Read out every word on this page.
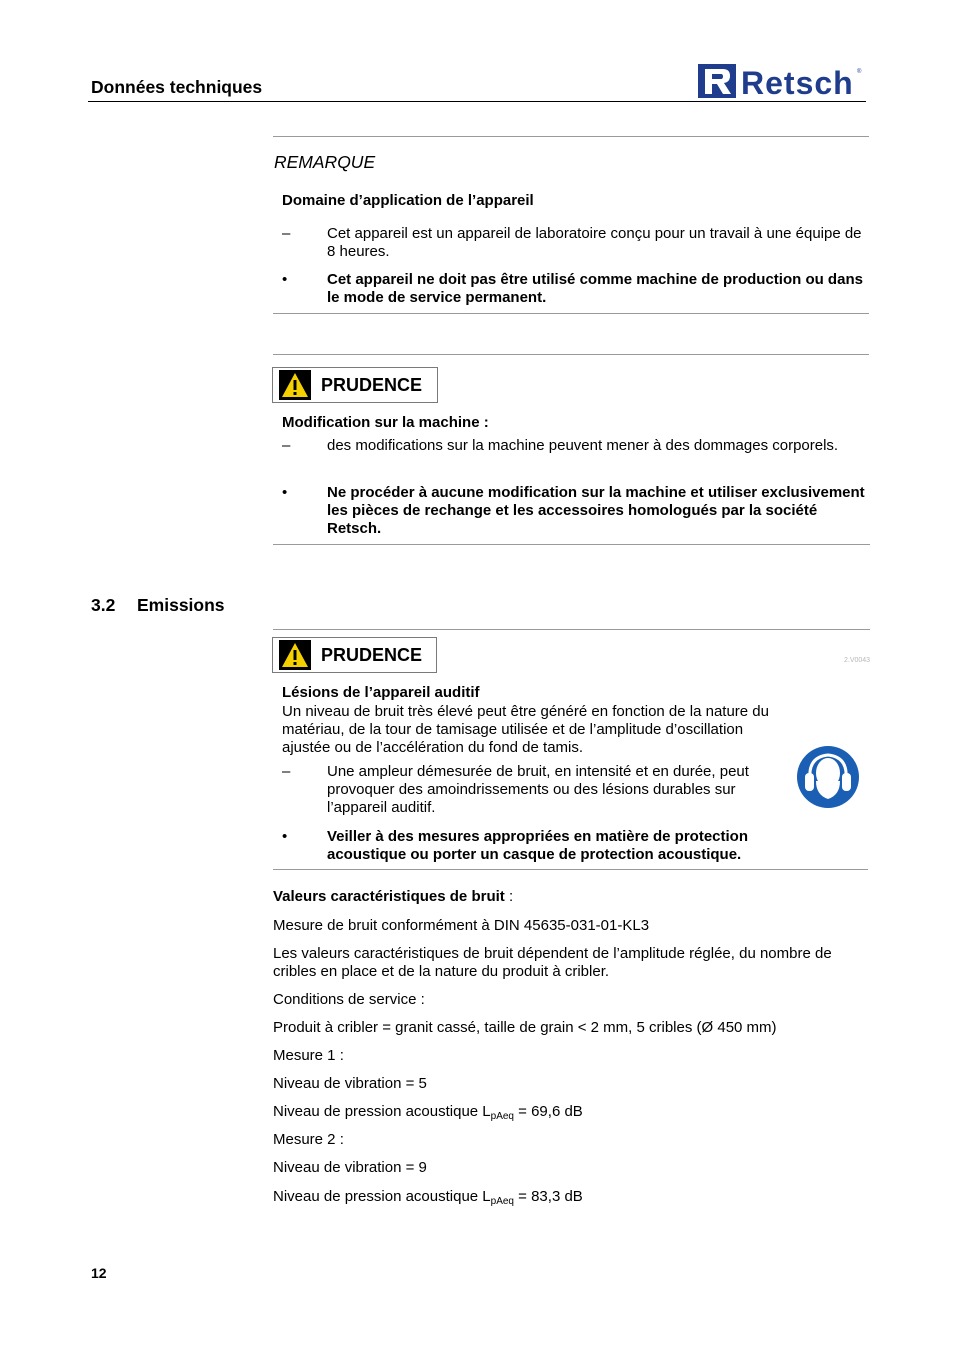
Données techniques	Retsch ®
REMARQUE
Domaine d’application de l’appareil
– Cet appareil est un appareil de laboratoire conçu pour un travail à une équipe de 8 heures.
•	Cet appareil ne doit pas être utilisé comme machine de production ou dans le mode de service permanent.
PRUDENCE
Modification sur la machine :
– des modifications sur la machine peuvent mener à des dommages corporels.
•	Ne procéder à aucune modification sur la machine et utiliser exclusivement les pièces de rechange et les accessoires homologués par la société Retsch.
3.2 Emissions
PRUDENCE	2.V0043
Lésions de l’appareil auditif
Un niveau de bruit très élevé peut être généré en fonction de la nature du matériau, de la tour de tamisage utilisée et de l’amplitude d’oscillation ajustée ou de l’accélération du fond de tamis.
– Une ampleur démesurée de bruit, en intensité et en durée, peut provoquer des amoindrissements ou des lésions durables sur l’appareil auditif.
•	Veiller à des mesures appropriées en matière de protection acoustique ou porter un casque de protection acoustique.
Valeurs caractéristiques de bruit :
Mesure de bruit conformément à DIN 45635-031-01-KL3
Les valeurs caractéristiques de bruit dépendent de l’amplitude réglée, du nombre de cribles en place et de la nature du produit à cribler.
Conditions de service :
Produit à cribler = granit cassé, taille de grain < 2 mm, 5 cribles (Ø 450 mm)
Mesure 1 :
Niveau de vibration = 5
Niveau de pression acoustique $L_{pAeq} = 69,6$ dB
Mesure 2 :
Niveau de vibration = 9
Niveau de pression acoustique $L_{pAeq} = 83,3$ dB
12
